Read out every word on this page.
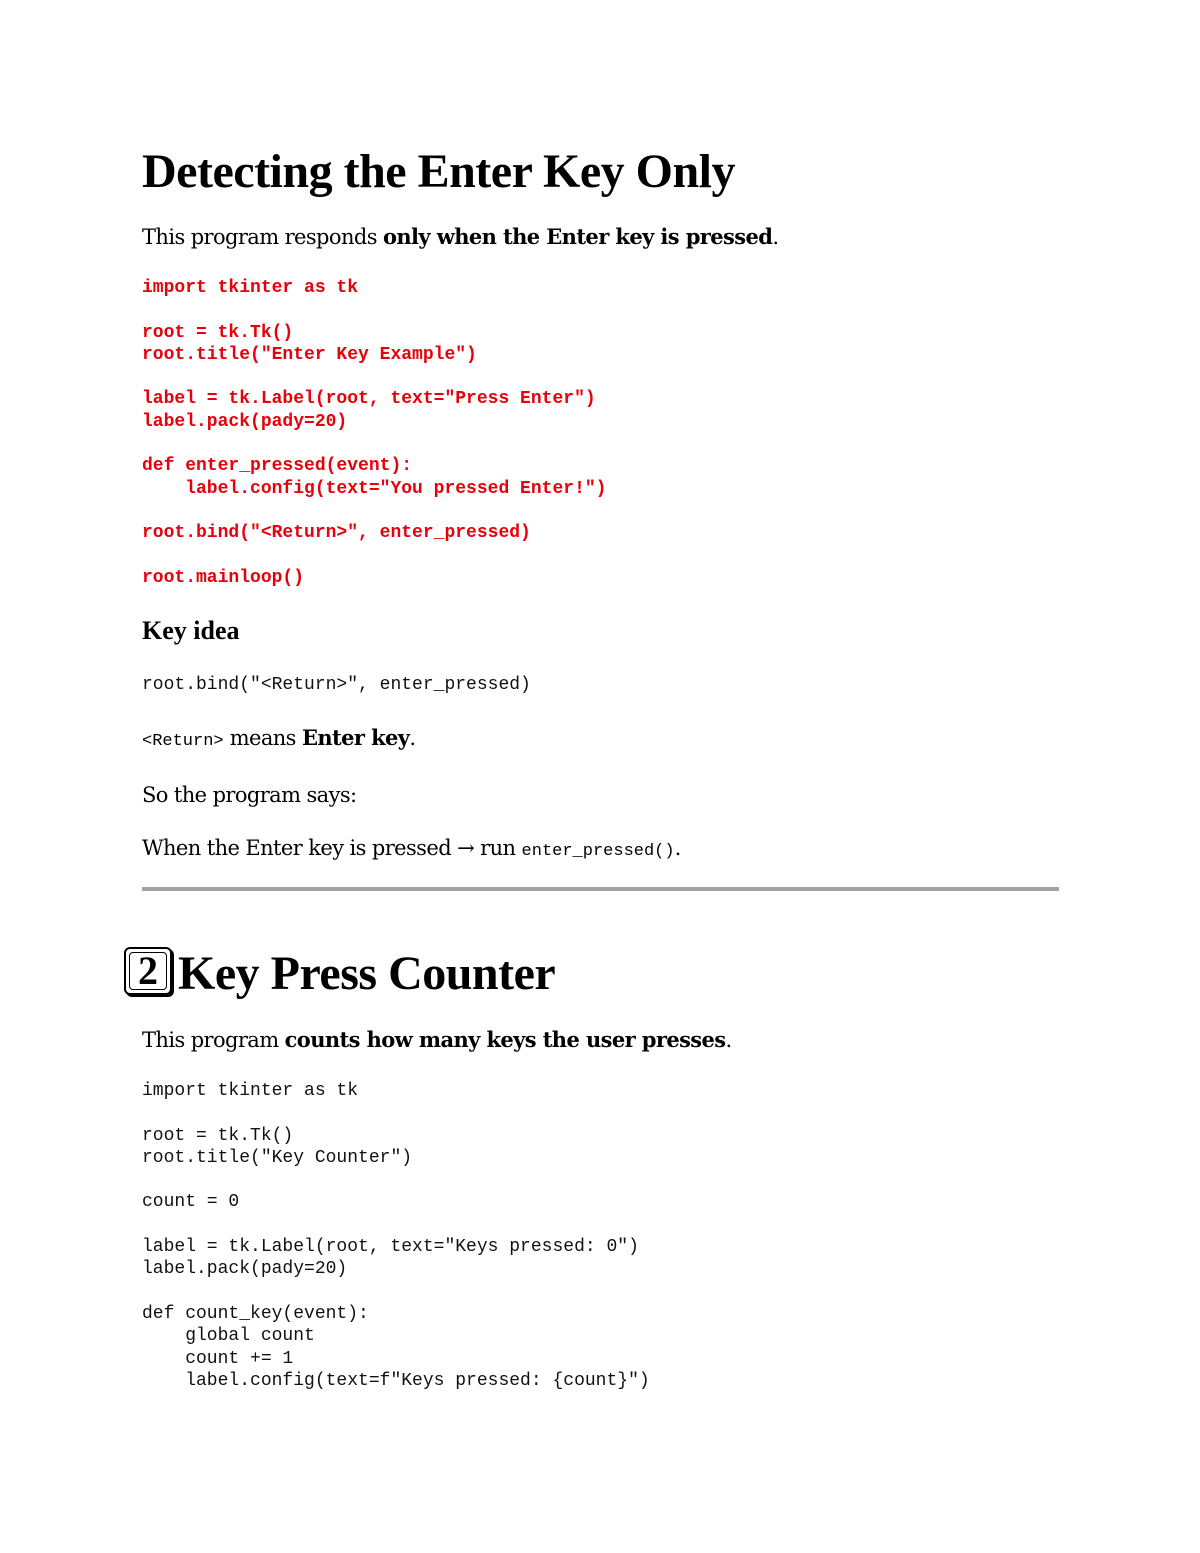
Detecting the Enter Key Only
This program responds only when the Enter key is pressed.
import tkinter as tk

root = tk.Tk()
root.title("Enter Key Example")

label = tk.Label(root, text="Press Enter")
label.pack(pady=20)

def enter_pressed(event):
label.config(text="You pressed Enter!")

root.bind("<Return>", enter_pressed)

root.mainloop()
Key idea
root.bind("<Return>", enter_pressed)
<Return> means Enter key.
So the program says:
When the Enter key is pressed → run enter_pressed().
2 Key Press Counter
This program counts how many keys the user presses.
import tkinter as tk

root = tk.Tk()
root.title("Key Counter")

count = 0

label = tk.Label(root, text="Keys pressed: 0")
label.pack(pady=20)

def count_key(event):
global count
count += 1
label.config(text=f"Keys pressed: {count}")
